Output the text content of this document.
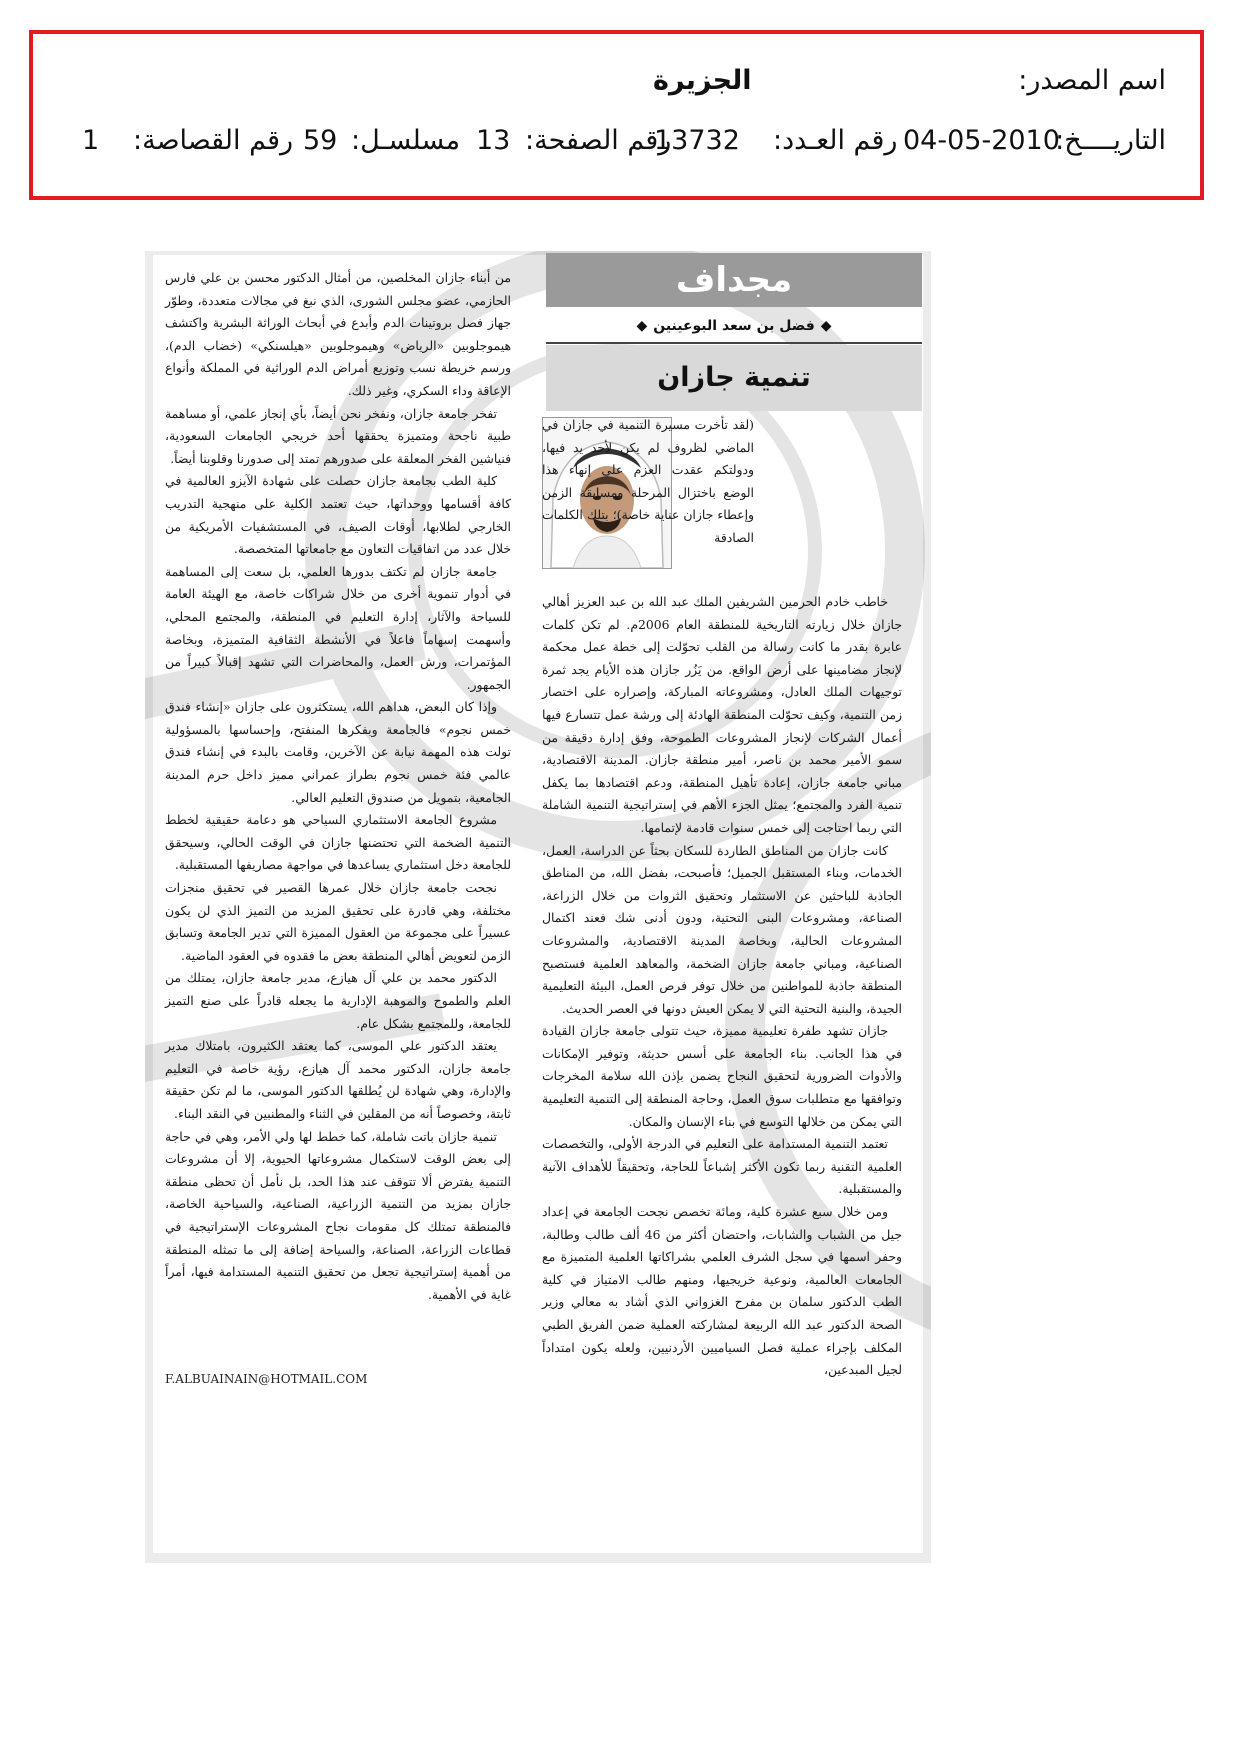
اسم المصدر:
الجزيرة
التاريــــخ:
04-05-2010
رقم العـدد:
13732
رقم الصفحة:
13
مسلسـل:
59
رقم القصاصة:
1
مجداف
◆فضل بن سعد البوعينين◆
تنمية جازان

(لقد تأخرت مسيرة التنمية في جازان في الماضي لظروف لم يكن لأحد يد فيها، ودولتكم عقدت العزم على إنهاء هذا الوضع باختزال المرحلة ومسابقة الزمن وإعطاء جازان عناية خاصة)؛ بتلك الكلمات الصادقة

خاطب خادم الحرمين الشريفين الملك عبد الله بن عبد العزيز أهالي جازان خلال زيارته التاريخية للمنطقة العام 2006م. لم تكن كلمات عابرة بقدر ما كانت رسالة من القلب تحوّلت إلى خطة عمل محكمة لإنجاز مضامينها على أرض الواقع. من يَزُر جازان هذه الأيام يجد ثمرة توجيهات الملك العادل، ومشروعاته المباركة، وإصراره على اختصار زمن التنمية، وكيف تحوّلت المنطقة الهادئة إلى ورشة عمل تتسارع فيها أعمال الشركات لإنجاز المشروعات الطموحة، وفق إدارة دقيقة من سمو الأمير محمد بن ناصر، أمير منطقة جازان. المدينة الاقتصادية، مباني جامعة جازان، إعادة تأهيل المنطقة، ودعم اقتصادها بما يكفل تنمية الفرد والمجتمع؛ يمثل الجزء الأهم في إستراتيجية التنمية الشاملة التي ربما احتاجت إلى خمس سنوات قادمة لإتمامها.

كانت جازان من المناطق الطاردة للسكان بحثاً عن الدراسة، العمل، الخدمات، وبناء المستقبل الجميل؛ فأصبحت، بفضل الله، من المناطق الجاذبة للباحثين عن الاستثمار وتحقيق الثروات من خلال الزراعة، الصناعة، ومشروعات البنى التحتية، ودون أدنى شك فعند اكتمال المشروعات الحالية، وبخاصة المدينة الاقتصادية، والمشروعات الصناعية، ومباني جامعة جازان الضخمة، والمعاهد العلمية فستصبح المنطقة جاذبة للمواطنين من خلال توفر فرص العمل، البيئة التعليمية الجيدة، والبنية التحتية التي لا يمكن العيش دونها في العصر الحديث.

جازان تشهد طفرة تعليمية مميزة، حيث تتولى جامعة جازان القيادة في هذا الجانب. بناء الجامعة على أسس حديثة، وتوفير الإمكانات والأدوات الضرورية لتحقيق النجاح يضمن بإذن الله سلامة المخرجات وتوافقها مع متطلبات سوق العمل، وحاجة المنطقة إلى التنمية التعليمية التي يمكن من خلالها التوسع في بناء الإنسان والمكان.

تعتمد التنمية المستدامة على التعليم في الدرجة الأولى، والتخصصات العلمية التقنية ربما تكون الأكثر إشباعاً للحاجة، وتحقيقاً للأهداف الآنية والمستقبلية.

ومن خلال سبع عشرة كلية، ومائة تخصص نجحت الجامعة في إعداد جيل من الشباب والشابات، واحتضان أكثر من 46 ألف طالب وطالبة، وحفر اسمها في سجل الشرف العلمي بشراكاتها العلمية المتميزة مع الجامعات العالمية، ونوعية خريجيها، ومنهم طالب الامتياز في كلية الطب الدكتور سلمان بن مفرح الغزواني الذي أشاد به معالي وزير الصحة الدكتور عبد الله الربيعة لمشاركته العملية ضمن الفريق الطبي المكلف بإجراء عملية فصل السياميين الأردنيين، ولعله يكون امتداداً لجيل المبدعين،

من أبناء جازان المخلصين، من أمثال الدكتور محسن بن علي فارس الحازمي، عضو مجلس الشورى، الذي نبغ في مجالات متعددة، وطوّر جهاز فصل بروتينات الدم وأبدع في أبحاث الوراثة البشرية واكتشف هيموجلوبين «الرياض» وهيموجلوبين «هيلسنكي» (خضاب الدم)، ورسم خريطة نسب وتوزيع أمراض الدم الوراثية في المملكة وأنواع الإعاقة وداء السكري، وغير ذلك.

تفخر جامعة جازان، ونفخر نحن أيضاً، بأي إنجاز علمي، أو مساهمة طبية ناجحة ومتميزة يحققها أحد خريجي الجامعات السعودية، فنياشين الفخر المعلقة على صدورهم تمتد إلى صدورنا وقلوبنا أيضاً.

كلية الطب بجامعة جازان حصلت على شهادة الآيزو العالمية في كافة أقسامها ووحداتها، حيث تعتمد الكلية على منهجية التدريب الخارجي لطلابها، أوقات الصيف، في المستشفيات الأمريكية من خلال عدد من اتفاقيات التعاون مع جامعاتها المتخصصة.

جامعة جازان لم تكتف بدورها العلمي، بل سعت إلى المساهمة في أدوار تنموية أخرى من خلال شراكات خاصة، مع الهيئة العامة للسياحة والآثار، إدارة التعليم في المنطقة، والمجتمع المحلي، وأسهمت إسهاماً فاعلاً في الأنشطة الثقافية المتميزة، وبخاصة المؤتمرات، ورش العمل، والمحاضرات التي تشهد إقبالاً كبيراً من الجمهور.

وإذا كان البعض، هداهم الله، يستكثرون على جازان «إنشاء فندق خمس نجوم» فالجامعة وبفكرها المنفتح، وإحساسها بالمسؤولية تولت هذه المهمة نيابة عن الآخرين، وقامت بالبدء في إنشاء فندق عالمي فئة خمس نجوم بطراز عمراني مميز داخل حرم المدينة الجامعية، بتمويل من صندوق التعليم العالي.

مشروع الجامعة الاستثماري السياحي هو دعامة حقيقية لخطط التنمية الضخمة التي تحتضنها جازان في الوقت الحالي، وسيحقق للجامعة دخل استثماري يساعدها في مواجهة مصاريفها المستقبلية.

نجحت جامعة جازان خلال عمرها القصير في تحقيق منجزات مختلفة، وهي قادرة على تحقيق المزيد من التميز الذي لن يكون عسيراً على مجموعة من العقول المميزة التي تدير الجامعة وتسابق الزمن لتعويض أهالي المنطقة بعض ما فقدوه في العقود الماضية.

الدكتور محمد بن علي آل هيازع، مدير جامعة جازان، يمتلك من العلم والطموح والموهبة الإدارية ما يجعله قادراً على صنع التميز للجامعة، وللمجتمع بشكل عام.

يعتقد الدكتور علي الموسى، كما يعتقد الكثيرون، بامتلاك مدير جامعة جازان، الدكتور محمد آل هيازع، رؤية خاصة في التعليم والإدارة، وهي شهادة لن يُطلقها الدكتور الموسى، ما لم تكن حقيقة ثابتة، وخصوصاً أنه من المقلين في الثناء والمطنبين في النقد البناء.

تنمية جازان باتت شاملة، كما خطط لها ولي الأمر، وهي في حاجة إلى بعض الوقت لاستكمال مشروعاتها الحيوية، إلا أن مشروعات التنمية يفترض ألا تتوقف عند هذا الحد، بل نأمل أن تحظى منطقة جازان بمزيد من التنمية الزراعية، الصناعية، والسياحية الخاصة، فالمنطقة تمتلك كل مقومات نجاح المشروعات الإستراتيجية في قطاعات الزراعة، الصناعة، والسياحة إضافة إلى ما تمثله المنطقة من أهمية إستراتيجية تجعل من تحقيق التنمية المستدامة فيها، أمراً غاية في الأهمية.

F.ALBUAINAIN@HOTMAIL.COM
